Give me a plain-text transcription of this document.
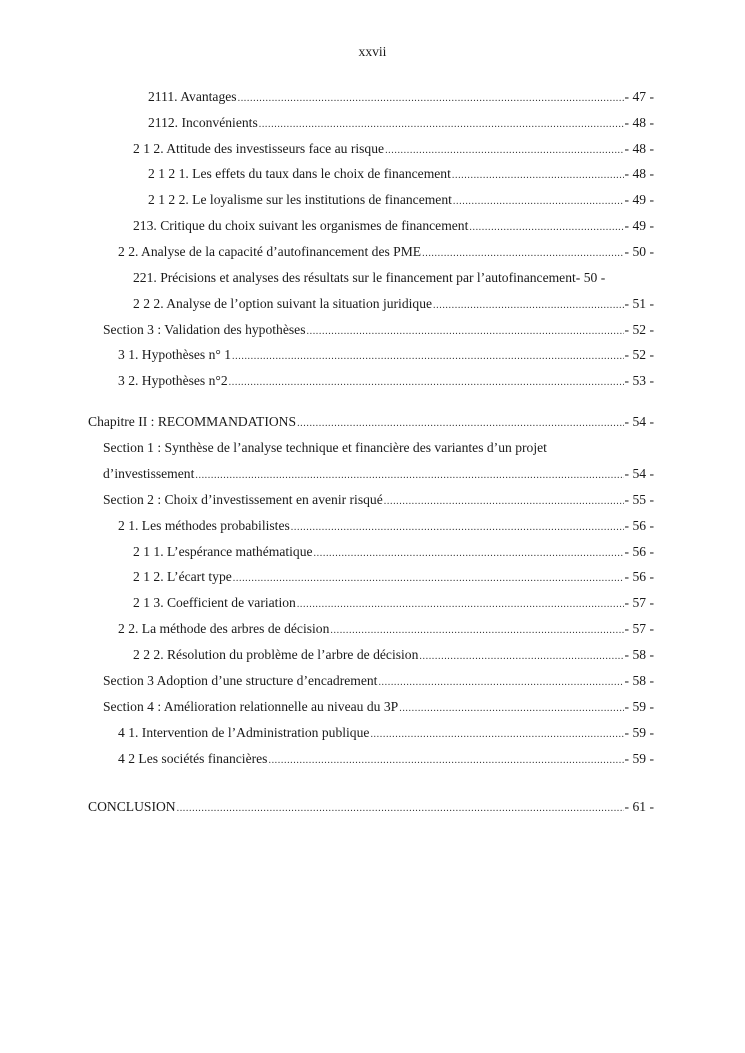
xxvii
2111. Avantages .....	- 47 -
2112. Inconvénients .....	- 48 -
2 1 2. Attitude des investisseurs face au risque .....	- 48 -
2 1 2 1. Les effets du taux dans le choix de financement .....	- 48 -
2 1 2 2. Le loyalisme sur les institutions de financement .....	- 49 -
213. Critique du choix suivant les organismes de financement .....	- 49 -
2 2. Analyse de la capacité d’autofinancement des PME .....	- 50 -
221. Précisions et analyses des résultats sur le financement par l’autofinancement - 50 -
2 2 2. Analyse de l’option suivant la situation juridique .....	- 51 -
Section 3 : Validation des hypothèses .....	- 52 -
3 1. Hypothèses n° 1 .....	- 52 -
3 2. Hypothèses n°2 .....	- 53 -
Chapitre II : RECOMMANDATIONS .....	- 54 -
Section 1 : Synthèse de l’analyse technique et financière des variantes d’un projet
d’investissement .....	- 54 -
Section 2 : Choix d’investissement en avenir risqué .....	- 55 -
2 1. Les méthodes probabilistes .....	- 56 -
2 1 1. L’espérance mathématique .....	- 56 -
2 1 2. L’écart type .....	- 56 -
2 1 3. Coefficient de variation .....	- 57 -
2 2. La méthode des arbres de décision .....	- 57 -
2 2 2. Résolution du problème de l’arbre de décision .....	- 58 -
Section 3 Adoption d’une structure d’encadrement .....	- 58 -
Section 4 : Amélioration relationnelle au niveau du 3P .....	- 59 -
4 1. Intervention de l’Administration publique .....	- 59 -
4 2 Les sociétés financières .....	- 59 -
CONCLUSION .....	- 61 -
